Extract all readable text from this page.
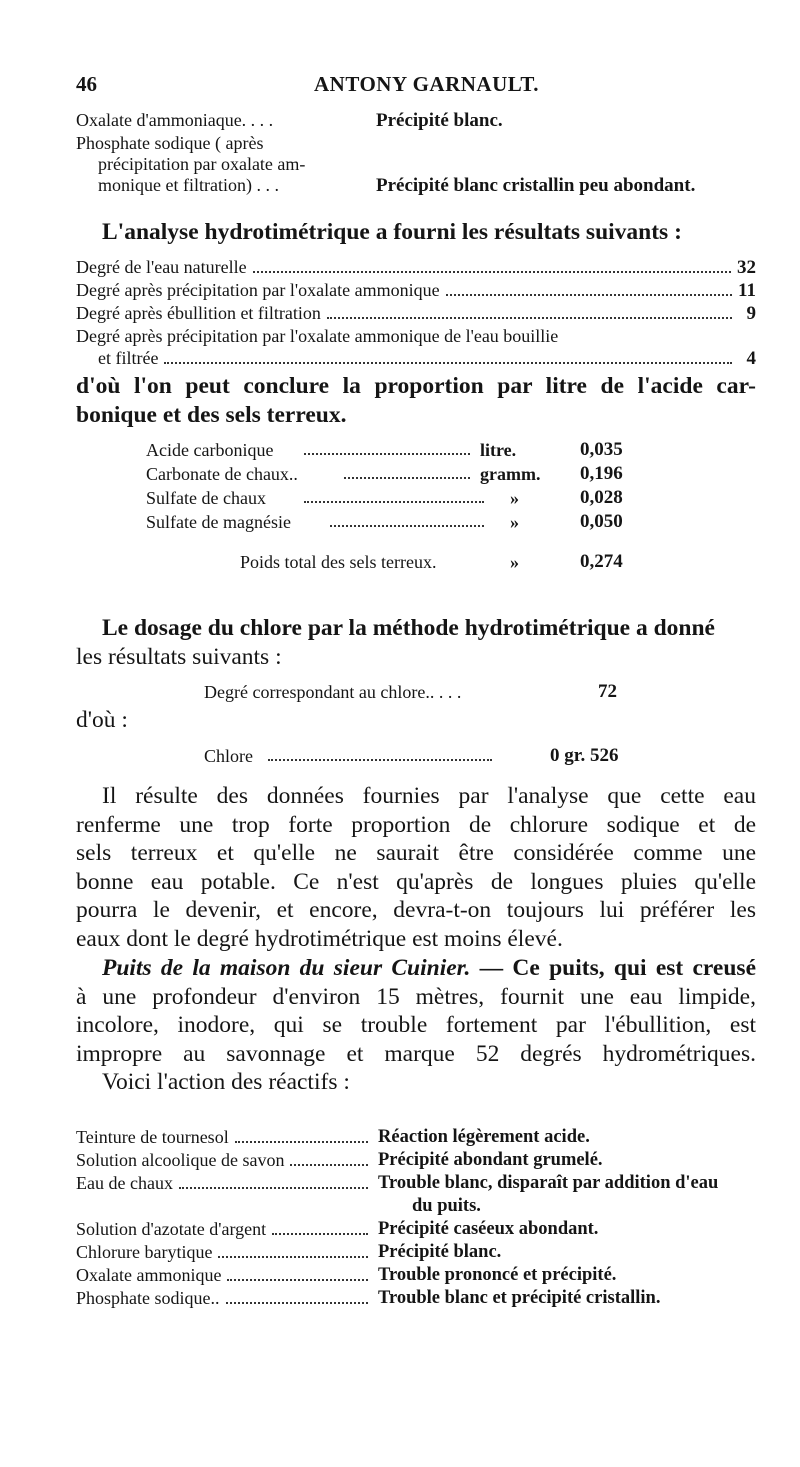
46	ANTONY GARNAULT.
Oxalate d'ammoniaque. . . .	Précipité blanc.
Phosphate sodique ( après
précipitation par oxalate am-
monique et filtration) . . .	Précipité blanc cristallin peu abondant.
L'analyse hydrotimétrique a fourni les résultats suivants :
Degré de l'eau naturelle	32
Degré après précipitation par l'oxalate ammonique	11
Degré après ébullition et filtration	9
Degré après précipitation par l'oxalate ammonique de l'eau bouillie
et filtrée	4
d'où l'on peut conclure la proportion par litre de l'acide car-
bonique et des sels terreux.
Acide carbonique	litre.	0,035
Carbonate de chaux..	gramm. 0,196
Sulfate de chaux	»	0,028
Sulfate de magnésie	»	0,050
Poids total des sels terreux.	»	0,274
Le dosage du chlore par la méthode hydrotimétrique a donné
les résultats suivants :
Degré correspondant au chlore.. . . .	72
d'où :
Chlore	0 gr. 526
Il résulte des données fournies par l'analyse que cette eau
renferme une trop forte proportion de chlorure sodique et de
sels terreux et qu'elle ne saurait être considérée comme une
bonne eau potable. Ce n'est qu'après de longues pluies qu'elle
pourra le devenir, et encore, devra-t-on toujours lui préférer les
eaux dont le degré hydrotimétrique est moins élevé.
Puits de la maison du sieur Cuinier. — Ce puits, qui est creusé
à une profondeur d'environ 15 mètres, fournit une eau limpide,
incolore, inodore, qui se trouble fortement par l'ébullition, est
impropre au savonnage et marque 52 degrés hydrométriques.
Voici l'action des réactifs :
Teinture de tournesol	Réaction légèrement acide.
Solution alcoolique de savon	Précipité abondant grumelé.
Eau de chaux	Trouble blanc, disparaît par addition d'eau
du puits.
Solution d'azotate d'argent	Précipité caséeux abondant.
Chlorure barytique	Précipité blanc.
Oxalate ammonique	Trouble prononcé et précipité.
Phosphate sodique..	Trouble blanc et précipité cristallin.
